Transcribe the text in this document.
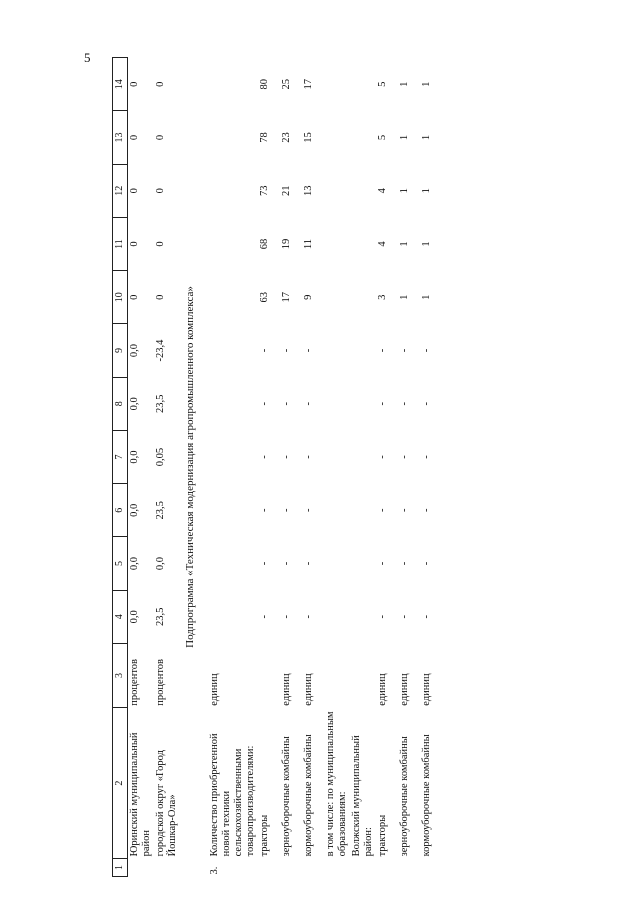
5
1	2	3	4	5	6	7	8	9	10	11	12	13	14
	Юринский муниципальный район	процентов	0,0	0,0	0,0	0,0	0,0	0,0	0	0	0	0	0
	городской округ «Город Йошкар-Ола»	процентов	23,5	0,0	23,5	0,05	23,5	-23,4	0	0	0	0	0
Подпрограмма «Техническая модернизация агропромышленного комплекса»													
3.	Количество приобретенной новой техники сельскохозяйственными товаропроизводителями:	единиц											
	тракторы		-	-	-	-	-	-	63	68	73	78	80
	зерноуборочные комбайны	единиц	-	-	-	-	-	-	17	19	21	23	25
	кормоуборочные комбайны	единиц	-	-	-	-	-	-	9	11	13	15	17
	в том числе: по муниципальным образованиям:												
	Волжский муниципальный район:												
	тракторы	единиц	-	-	-	-	-	-	3	4	4	5	5
	зерноуборочные комбайны	единиц	-	-	-	-	-	-	1	1	1	1	1
	кормоуборочные комбайны	единиц	-	-	-	-	-	-	1	1	1	1	1
